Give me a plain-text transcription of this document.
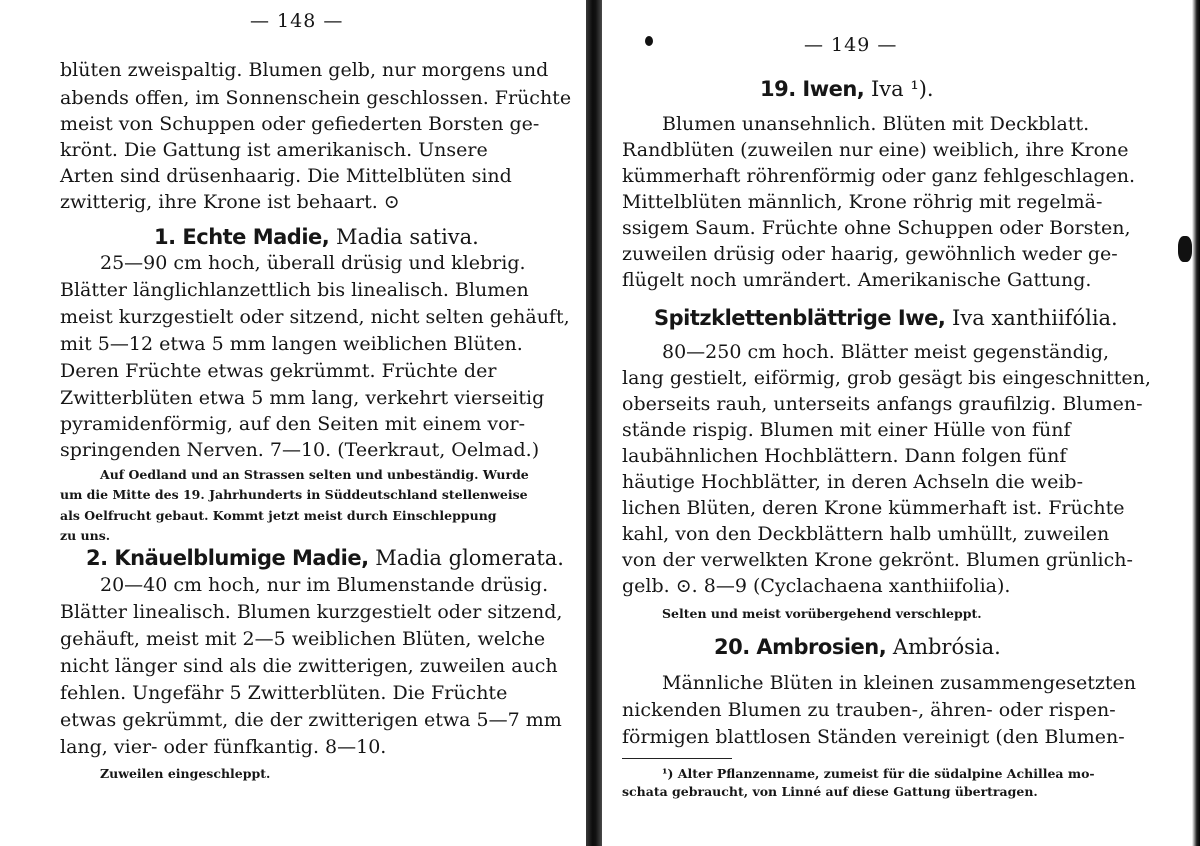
— 148 —
blüten zweispaltig. Blumen gelb, nur morgens und
abends offen, im Sonnenschein geschlossen. Früchte
meist von Schuppen oder gefiederten Borsten ge-
krönt. Die Gattung ist amerikanisch. Unsere
Arten sind drüsenhaarig. Die Mittelblüten sind
zwitterig, ihre Krone ist behaart. ⊙
1. Echte Madie, Madia sativa.
25—90 cm hoch, überall drüsig und klebrig.
Blätter länglichlanzettlich bis linealisch. Blumen
meist kurzgestielt oder sitzend, nicht selten gehäuft,
mit 5—12 etwa 5 mm langen weiblichen Blüten.
Deren Früchte etwas gekrümmt. Früchte der
Zwitterblüten etwa 5 mm lang, verkehrt vierseitig
pyramidenförmig, auf den Seiten mit einem vor-
springenden Nerven. 7—10. (Teerkraut, Oelmad.)
Auf Oedland und an Strassen selten und unbeständig. Wurde
um die Mitte des 19. Jahrhunderts in Süddeutschland stellenweise
als Oelfrucht gebaut. Kommt jetzt meist durch Einschleppung
zu uns.
2. Knäuelblumige Madie, Madia glomerata.
20—40 cm hoch, nur im Blumenstande drüsig.
Blätter linealisch. Blumen kurzgestielt oder sitzend,
gehäuft, meist mit 2—5 weiblichen Blüten, welche
nicht länger sind als die zwitterigen, zuweilen auch
fehlen. Ungefähr 5 Zwitterblüten. Die Früchte
etwas gekrümmt, die der zwitterigen etwa 5—7 mm
lang, vier- oder fünfkantig. 8—10.
Zuweilen eingeschleppt.
— 149 —
19. Iwen, Iva ¹).
Blumen unansehnlich. Blüten mit Deckblatt.
Randblüten (zuweilen nur eine) weiblich, ihre Krone
kümmerhaft röhrenförmig oder ganz fehlgeschlagen.
Mittelblüten männlich, Krone röhrig mit regelmä-
ssigem Saum. Früchte ohne Schuppen oder Borsten,
zuweilen drüsig oder haarig, gewöhnlich weder ge-
flügelt noch umrändert. Amerikanische Gattung.
Spitzklettenblättrige Iwe, Iva xanthiifólia.
80—250 cm hoch. Blätter meist gegenständig,
lang gestielt, eiförmig, grob gesägt bis eingeschnitten,
oberseits rauh, unterseits anfangs graufilzig. Blumen-
stände rispig. Blumen mit einer Hülle von fünf
laubähnlichen Hochblättern. Dann folgen fünf
häutige Hochblätter, in deren Achseln die weib-
lichen Blüten, deren Krone kümmerhaft ist. Früchte
kahl, von den Deckblättern halb umhüllt, zuweilen
von der verwelkten Krone gekrönt. Blumen grünlich-
gelb. ⊙. 8—9 (Cyclachaena xanthiifolia).
Selten und meist vorübergehend verschleppt.
20. Ambrosien, Ambrósia.
Männliche Blüten in kleinen zusammengesetzten
nickenden Blumen zu trauben-, ähren- oder rispen-
förmigen blattlosen Ständen vereinigt (den Blumen-
¹) Alter Pflanzenname, zumeist für die südalpine Achillea mo-
schata gebraucht, von Linné auf diese Gattung übertragen.
